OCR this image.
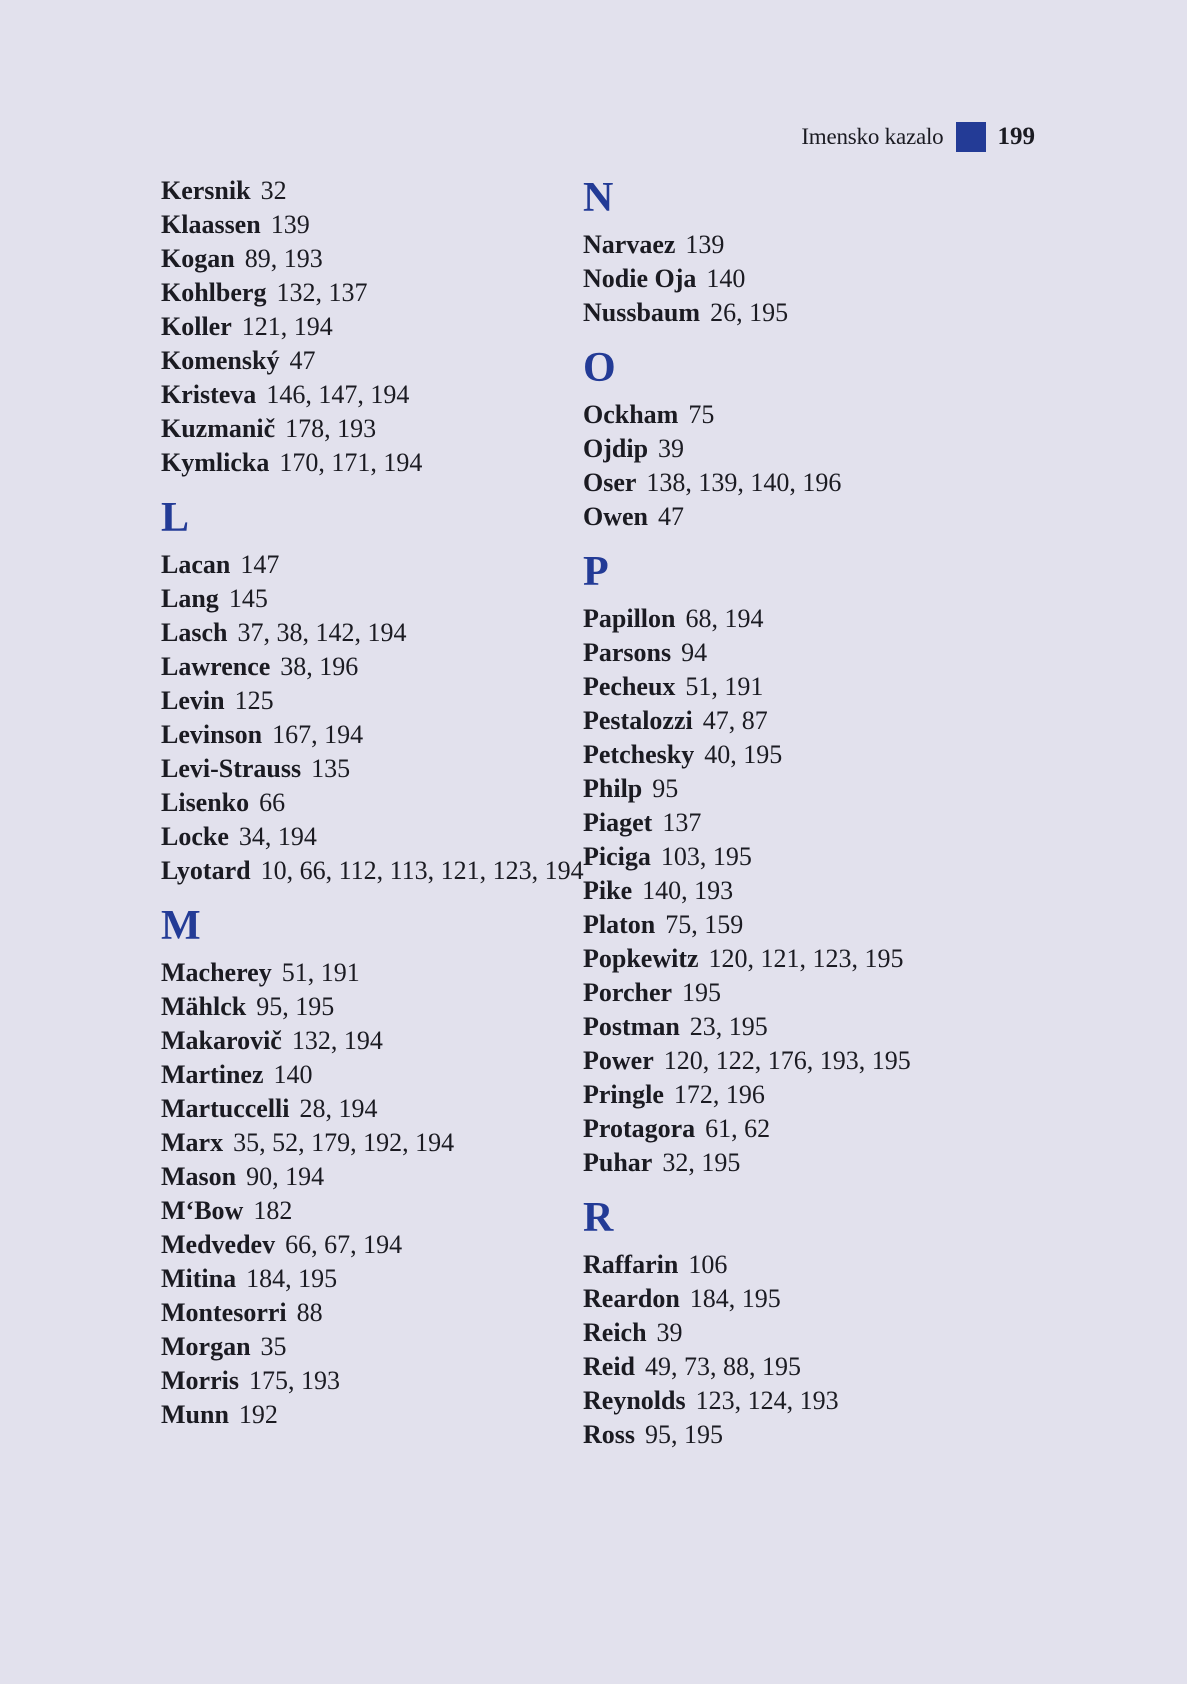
Imensko kazalo 199
Kersnik 32
Klaassen 139
Kogan 89, 193
Kohlberg 132, 137
Koller 121, 194
Komenský 47
Kristeva 146, 147, 194
Kuzmanič 178, 193
Kymlicka 170, 171, 194
L
Lacan 147
Lang 145
Lasch 37, 38, 142, 194
Lawrence 38, 196
Levin 125
Levinson 167, 194
Levi-Strauss 135
Lisenko 66
Locke 34, 194
Lyotard 10, 66, 112, 113, 121, 123, 194
M
Macherey 51, 191
Mählck 95, 195
Makarovič 132, 194
Martinez 140
Martuccelli 28, 194
Marx 35, 52, 179, 192, 194
Mason 90, 194
M‘Bow 182
Medvedev 66, 67, 194
Mitina 184, 195
Montesorri 88
Morgan 35
Morris 175, 193
Munn 192
N
Narvaez 139
Nodie Oja 140
Nussbaum 26, 195
O
Ockham 75
Ojdip 39
Oser 138, 139, 140, 196
Owen 47
P
Papillon 68, 194
Parsons 94
Pecheux 51, 191
Pestalozzi 47, 87
Petchesky 40, 195
Philp 95
Piaget 137
Piciga 103, 195
Pike 140, 193
Platon 75, 159
Popkewitz 120, 121, 123, 195
Porcher 195
Postman 23, 195
Power 120, 122, 176, 193, 195
Pringle 172, 196
Protagora 61, 62
Puhar 32, 195
R
Raffarin 106
Reardon 184, 195
Reich 39
Reid 49, 73, 88, 195
Reynolds 123, 124, 193
Ross 95, 195
